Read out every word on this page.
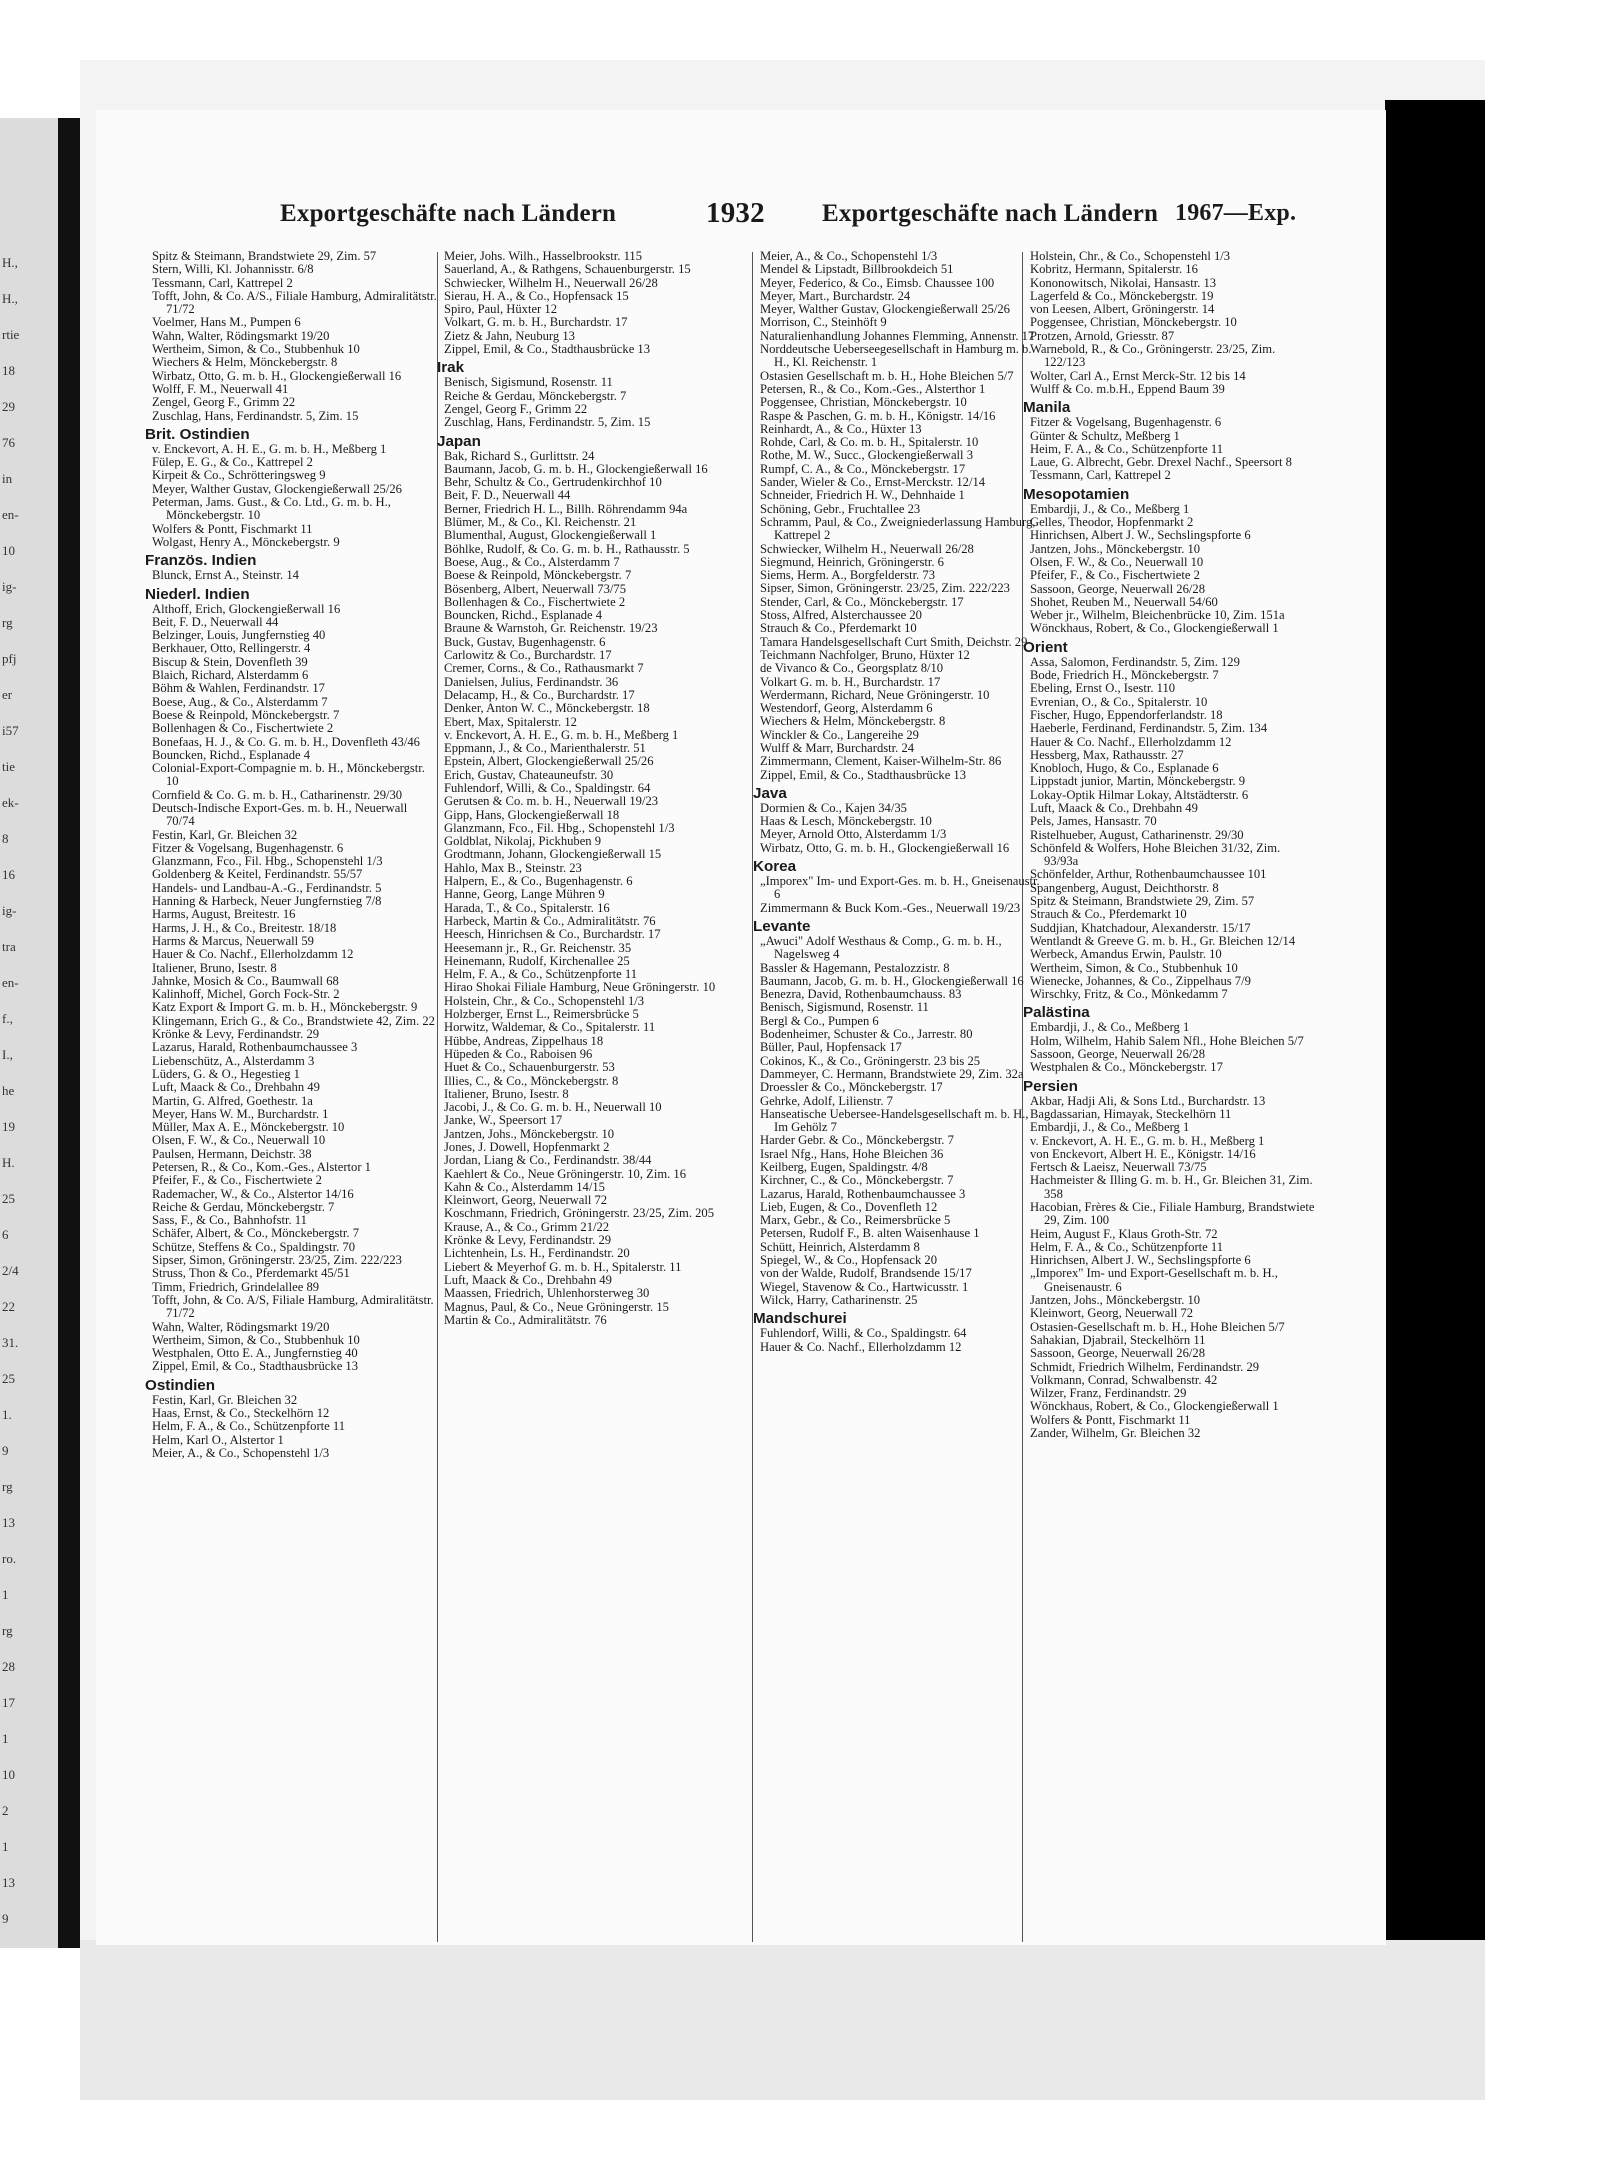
H.,
H.,
rtie
18
29
76
in
en-
10
ig-
rg
pfj
er
i57
tie
ek-
8
16
ig-
tra
en-
f.,
I.,
he
19
H.
25
6
2/4
22
31.
25
1.
9
rg
13
ro.
1
rg
28
17
1
10
2
1
13
9
Exportgeschäfte nach Ländern	1932 Exportgeschäfte nach Ländern 1967—Exp.

Spitz & Steimann, Brandstwiete 29, Zim. 57

Stern, Willi, Kl. Johannisstr. 6/8

Tessmann, Carl, Kattrepel 2

Tofft, John, & Co. A/S., Filiale Hamburg, Admiralitätstr. 71/72

Voelmer, Hans M., Pumpen 6

Wahn, Walter, Rödingsmarkt 19/20

Wertheim, Simon, & Co., Stubbenhuk 10

Wiechers & Helm, Mönckebergstr. 8

Wirbatz, Otto, G. m. b. H., Glockengießerwall 16

Wolff, F. M., Neuerwall 41

Zengel, Georg F., Grimm 22

Zuschlag, Hans, Ferdinandstr. 5, Zim. 15

Brit. Ostindien

v. Enckevort, A. H. E., G. m. b. H., Meßberg 1

Fülep, E. G., & Co., Kattrepel 2

Kirpeit & Co., Schrötteringsweg 9

Meyer, Walther Gustav, Glockengießerwall 25/26

Peterman, Jams. Gust., & Co. Ltd., G. m. b. H., Mönckebergstr. 10

Wolfers & Pontt, Fischmarkt 11

Wolgast, Henry A., Mönckebergstr. 9

Französ. Indien

Blunck, Ernst A., Steinstr. 14

Niederl. Indien

Althoff, Erich, Glockengießerwall 16

Beit, F. D., Neuerwall 44

Belzinger, Louis, Jungfernstieg 40

Berkhauer, Otto, Rellingerstr. 4

Biscup & Stein, Dovenfleth 39

Blaich, Richard, Alsterdamm 6

Böhm & Wahlen, Ferdinandstr. 17

Boese, Aug., & Co., Alsterdamm 7

Boese & Reinpold, Mönckebergstr. 7

Bollenhagen & Co., Fischertwiete 2

Bonefaas, H. J., & Co. G. m. b. H., Dovenfleth 43/46

Bouncken, Richd., Esplanade 4

Colonial-Export-Compagnie m. b. H., Mönckebergstr. 10

Cornfield & Co. G. m. b. H., Catharinenstr. 29/30

Deutsch-Indische Export-Ges. m. b. H., Neuerwall 70/74

Festin, Karl, Gr. Bleichen 32

Fitzer & Vogelsang, Bugenhagenstr. 6

Glanzmann, Fco., Fil. Hbg., Schopenstehl 1/3

Goldenberg & Keitel, Ferdinandstr. 55/57

Handels- und Landbau-A.-G., Ferdinandstr. 5

Hanning & Harbeck, Neuer Jungfernstieg 7/8

Harms, August, Breitestr. 16

Harms, J. H., & Co., Breitestr. 18/18

Harms & Marcus, Neuerwall 59

Hauer & Co. Nachf., Ellerholzdamm 12

Italiener, Bruno, Isestr. 8

Jahnke, Mosich & Co., Baumwall 68

Kalinhoff, Michel, Gorch Fock-Str. 2

Katz Export & Import G. m. b. H., Mönckebergstr. 9

Klingemann, Erich G., & Co., Brandstwiete 42, Zim. 22

Krönke & Levy, Ferdinandstr. 29

Lazarus, Harald, Rothenbaumchaussee 3

Liebenschütz, A., Alsterdamm 3

Lüders, G. & O., Hegestieg 1

Luft, Maack & Co., Drehbahn 49

Martin, G. Alfred, Goethestr. 1a

Meyer, Hans W. M., Burchardstr. 1

Müller, Max A. E., Mönckebergstr. 10

Olsen, F. W., & Co., Neuerwall 10

Paulsen, Hermann, Deichstr. 38

Petersen, R., & Co., Kom.-Ges., Alstertor 1

Pfeifer, F., & Co., Fischertwiete 2

Rademacher, W., & Co., Alstertor 14/16

Reiche & Gerdau, Mönckebergstr. 7

Sass, F., & Co., Bahnhofstr. 11

Schäfer, Albert, & Co., Mönckebergstr. 7

Schütze, Steffens & Co., Spaldingstr. 70

Sipser, Simon, Gröningerstr. 23/25, Zim. 222/223

Struss, Thon & Co., Pferdemarkt 45/51

Timm, Friedrich, Grindelallee 89

Tofft, John, & Co. A/S, Filiale Hamburg, Admiralitätstr. 71/72

Wahn, Walter, Rödingsmarkt 19/20

Wertheim, Simon, & Co., Stubbenhuk 10

Westphalen, Otto E. A., Jungfernstieg 40

Zippel, Emil, & Co., Stadthausbrücke 13

Ostindien

Festin, Karl, Gr. Bleichen 32

Haas, Ernst, & Co., Steckelhörn 12

Helm, F. A., & Co., Schützenpforte 11

Helm, Karl O., Alstertor 1

Meier, A., & Co., Schopenstehl 1/3

Meier, Johs. Wilh., Hasselbrookstr. 115

Sauerland, A., & Rathgens, Schauenburgerstr. 15

Schwiecker, Wilhelm H., Neuerwall 26/28

Sierau, H. A., & Co., Hopfensack 15

Spiro, Paul, Hüxter 12

Volkart, G. m. b. H., Burchardstr. 17

Zietz & Jahn, Neuburg 13

Zippel, Emil, & Co., Stadthausbrücke 13

Irak

Benisch, Sigismund, Rosenstr. 11

Reiche & Gerdau, Mönckebergstr. 7

Zengel, Georg F., Grimm 22

Zuschlag, Hans, Ferdinandstr. 5, Zim. 15

Japan

Bak, Richard S., Gurlittstr. 24

Baumann, Jacob, G. m. b. H., Glockengießerwall 16

Behr, Schultz & Co., Gertrudenkirchhof 10

Beit, F. D., Neuerwall 44

Berner, Friedrich H. L., Billh. Röhrendamm 94a

Blümer, M., & Co., Kl. Reichenstr. 21

Blumenthal, August, Glockengießerwall 1

Böhlke, Rudolf, & Co. G. m. b. H., Rathausstr. 5

Boese, Aug., & Co., Alsterdamm 7

Boese & Reinpold, Mönckebergstr. 7

Bösenberg, Albert, Neuerwall 73/75

Bollenhagen & Co., Fischertwiete 2

Bouncken, Richd., Esplanade 4

Braune & Warnstoh, Gr. Reichenstr. 19/23

Buck, Gustav, Bugenhagenstr. 6

Carlowitz & Co., Burchardstr. 17

Cremer, Corns., & Co., Rathausmarkt 7

Danielsen, Julius, Ferdinandstr. 36

Delacamp, H., & Co., Burchardstr. 17

Denker, Anton W. C., Mönckebergstr. 18

Ebert, Max, Spitalerstr. 12

v. Enckevort, A. H. E., G. m. b. H., Meßberg 1

Eppmann, J., & Co., Marienthalerstr. 51

Epstein, Albert, Glockengießerwall 25/26

Erich, Gustav, Chateauneufstr. 30

Fuhlendorf, Willi, & Co., Spaldingstr. 64

Gerutsen & Co. m. b. H., Neuerwall 19/23

Gipp, Hans, Glockengießerwall 18

Glanzmann, Fco., Fil. Hbg., Schopenstehl 1/3

Goldblat, Nikolaj, Pickhuben 9

Grodtmann, Johann, Glockengießerwall 15

Hahlo, Max B., Steinstr. 23

Halpern, E., & Co., Bugenhagenstr. 6

Hanne, Georg, Lange Mühren 9

Harada, T., & Co., Spitalerstr. 16

Harbeck, Martin & Co., Admiralitätstr. 76

Heesch, Hinrichsen & Co., Burchardstr. 17

Heesemann jr., R., Gr. Reichenstr. 35

Heinemann, Rudolf, Kirchenallee 25

Helm, F. A., & Co., Schützenpforte 11

Hirao Shokai Filiale Hamburg, Neue Gröningerstr. 10

Holstein, Chr., & Co., Schopenstehl 1/3

Holzberger, Ernst L., Reimersbrücke 5

Horwitz, Waldemar, & Co., Spitalerstr. 11

Hübbe, Andreas, Zippelhaus 18

Hüpeden & Co., Raboisen 96

Huet & Co., Schauenburgerstr. 53

Illies, C., & Co., Mönckebergstr. 8

Italiener, Bruno, Isestr. 8

Jacobi, J., & Co. G. m. b. H., Neuerwall 10

Janke, W., Speersort 17

Jantzen, Johs., Mönckebergstr. 10

Jones, J. Dowell, Hopfenmarkt 2

Jordan, Liang & Co., Ferdinandstr. 38/44

Kaehlert & Co., Neue Gröningerstr. 10, Zim. 16

Kahn & Co., Alsterdamm 14/15

Kleinwort, Georg, Neuerwall 72

Koschmann, Friedrich, Gröningerstr. 23/25, Zim. 205

Krause, A., & Co., Grimm 21/22

Krönke & Levy, Ferdinandstr. 29

Lichtenhein, Ls. H., Ferdinandstr. 20

Liebert & Meyerhof G. m. b. H., Spitalerstr. 11

Luft, Maack & Co., Drehbahn 49

Maassen, Friedrich, Uhlenhorsterweg 30

Magnus, Paul, & Co., Neue Gröningerstr. 15

Martin & Co., Admiralitätstr. 76

Meier, A., & Co., Schopenstehl 1/3

Mendel & Lipstadt, Billbrookdeich 51

Meyer, Federico, & Co., Eimsb. Chaussee 100

Meyer, Mart., Burchardstr. 24

Meyer, Walther Gustav, Glockengießerwall 25/26

Morrison, C., Steinhöft 9

Naturalienhandlung Johannes Flemming, Annenstr. 17

Norddeutsche Ueberseegesellschaft in Hamburg m. b. H., Kl. Reichenstr. 1

Ostasien Gesellschaft m. b. H., Hohe Bleichen 5/7

Petersen, R., & Co., Kom.-Ges., Alsterthor 1

Poggensee, Christian, Mönckebergstr. 10

Raspe & Paschen, G. m. b. H., Königstr. 14/16

Reinhardt, A., & Co., Hüxter 13

Rohde, Carl, & Co. m. b. H., Spitalerstr. 10

Rothe, M. W., Succ., Glockengießerwall 3

Rumpf, C. A., & Co., Mönckebergstr. 17

Sander, Wieler & Co., Ernst-Merckstr. 12/14

Schneider, Friedrich H. W., Dehnhaide 1

Schöning, Gebr., Fruchtallee 23

Schramm, Paul, & Co., Zweigniederlassung Hamburg, Kattrepel 2

Schwiecker, Wilhelm H., Neuerwall 26/28

Siegmund, Heinrich, Gröningerstr. 6

Siems, Herm. A., Borgfelderstr. 73

Sipser, Simon, Gröningerstr. 23/25, Zim. 222/223

Stender, Carl, & Co., Mönckebergstr. 17

Stoss, Alfred, Alsterchaussee 20

Strauch & Co., Pferdemarkt 10

Tamara Handelsgesellschaft Curt Smith, Deichstr. 29

Teichmann Nachfolger, Bruno, Hüxter 12

de Vivanco & Co., Georgsplatz 8/10

Volkart G. m. b. H., Burchardstr. 17

Werdermann, Richard, Neue Gröningerstr. 10

Westendorf, Georg, Alsterdamm 6

Wiechers & Helm, Mönckebergstr. 8

Winckler & Co., Langereihe 29

Wulff & Marr, Burchardstr. 24

Zimmermann, Clement, Kaiser-Wilhelm-Str. 86

Zippel, Emil, & Co., Stadthausbrücke 13

Java

Dormien & Co., Kajen 34/35

Haas & Lesch, Mönckebergstr. 10

Meyer, Arnold Otto, Alsterdamm 1/3

Wirbatz, Otto, G. m. b. H., Glockengießerwall 16

Korea

„Imporex" Im- und Export-Ges. m. b. H., Gneisenaustr. 6

Zimmermann & Buck Kom.-Ges., Neuerwall 19/23

Levante

„Awuci" Adolf Westhaus & Comp., G. m. b. H., Nagelsweg 4

Bassler & Hagemann, Pestalozzistr. 8

Baumann, Jacob, G. m. b. H., Glockengießerwall 16

Benezra, David, Rothenbaumchauss. 83

Benisch, Sigismund, Rosenstr. 11

Bergl & Co., Pumpen 6

Bodenheimer, Schuster & Co., Jarrestr. 80

Büller, Paul, Hopfensack 17

Cokinos, K., & Co., Gröningerstr. 23 bis 25

Dammeyer, C. Hermann, Brandstwiete 29, Zim. 32a

Droessler & Co., Mönckebergstr. 17

Gehrke, Adolf, Lilienstr. 7

Hanseatische Uebersee-Handelsgesellschaft m. b. H., Im Gehölz 7

Harder Gebr. & Co., Mönckebergstr. 7

Israel Nfg., Hans, Hohe Bleichen 36

Keilberg, Eugen, Spaldingstr. 4/8

Kirchner, C., & Co., Mönckebergstr. 7

Lazarus, Harald, Rothenbaumchaussee 3

Lieb, Eugen, & Co., Dovenfleth 12

Marx, Gebr., & Co., Reimersbrücke 5

Petersen, Rudolf F., B. alten Waisenhause 1

Schütt, Heinrich, Alsterdamm 8

Spiegel, W., & Co., Hopfensack 20

von der Walde, Rudolf, Brandsende 15/17

Wiegel, Stavenow & Co., Hartwicusstr. 1

Wilck, Harry, Catharinenstr. 25

Mandschurei

Fuhlendorf, Willi, & Co., Spaldingstr. 64

Hauer & Co. Nachf., Ellerholzdamm 12

Holstein, Chr., & Co., Schopenstehl 1/3

Kobritz, Hermann, Spitalerstr. 16

Kononowitsch, Nikolai, Hansastr. 13

Lagerfeld & Co., Mönckebergstr. 19

von Leesen, Albert, Gröningerstr. 14

Poggensee, Christian, Mönckebergstr. 10

Protzen, Arnold, Griesstr. 87

Warnebold, R., & Co., Gröningerstr. 23/25, Zim. 122/123

Wolter, Carl A., Ernst Merck-Str. 12 bis 14

Wulff & Co. m.b.H., Eppend Baum 39

Manila

Fitzer & Vogelsang, Bugenhagenstr. 6

Günter & Schultz, Meßberg 1

Heim, F. A., & Co., Schützenpforte 11

Laue, G. Albrecht, Gebr. Drexel Nachf., Speersort 8

Tessmann, Carl, Kattrepel 2

Mesopotamien

Embardji, J., & Co., Meßberg 1

Gelles, Theodor, Hopfenmarkt 2

Hinrichsen, Albert J. W., Sechslingspforte 6

Jantzen, Johs., Mönckebergstr. 10

Olsen, F. W., & Co., Neuerwall 10

Pfeifer, F., & Co., Fischertwiete 2

Sassoon, George, Neuerwall 26/28

Shohet, Reuben M., Neuerwall 54/60

Weber jr., Wilhelm, Bleichenbrücke 10, Zim. 151a

Wönckhaus, Robert, & Co., Glockengießerwall 1

Orient

Assa, Salomon, Ferdinandstr. 5, Zim. 129

Bode, Friedrich H., Mönckebergstr. 7

Ebeling, Ernst O., Isestr. 110

Evrenian, O., & Co., Spitalerstr. 10

Fischer, Hugo, Eppendorferlandstr. 18

Haeberle, Ferdinand, Ferdinandstr. 5, Zim. 134

Hauer & Co. Nachf., Ellerholzdamm 12

Hessberg, Max, Rathausstr. 27

Knobloch, Hugo, & Co., Esplanade 6

Lippstadt junior, Martin, Mönckebergstr. 9

Lokay-Optik Hilmar Lokay, Altstädterstr. 6

Luft, Maack & Co., Drehbahn 49

Pels, James, Hansastr. 70

Ristelhueber, August, Catharinenstr. 29/30

Schönfeld & Wolfers, Hohe Bleichen 31/32, Zim. 93/93a

Schönfelder, Arthur, Rothenbaumchaussee 101

Spangenberg, August, Deichthorstr. 8

Spitz & Steimann, Brandstwiete 29, Zim. 57

Strauch & Co., Pferdemarkt 10

Suddjian, Khatchadour, Alexanderstr. 15/17

Wentlandt & Greeve G. m. b. H., Gr. Bleichen 12/14

Werbeck, Amandus Erwin, Paulstr. 10

Wertheim, Simon, & Co., Stubbenhuk 10

Wienecke, Johannes, & Co., Zippelhaus 7/9

Wirschky, Fritz, & Co., Mönkedamm 7

Palästina

Embardji, J., & Co., Meßberg 1

Holm, Wilhelm, Hahib Salem Nfl., Hohe Bleichen 5/7

Sassoon, George, Neuerwall 26/28

Westphalen & Co., Mönckebergstr. 17

Persien

Akbar, Hadji Ali, & Sons Ltd., Burchardstr. 13

Bagdassarian, Himayak, Steckelhörn 11

Embardji, J., & Co., Meßberg 1

v. Enckevort, A. H. E., G. m. b. H., Meßberg 1

von Enckevort, Albert H. E., Königstr. 14/16

Fertsch & Laeisz, Neuerwall 73/75

Hachmeister & Illing G. m. b. H., Gr. Bleichen 31, Zim. 358

Hacobian, Frères & Cie., Filiale Hamburg, Brandstwiete 29, Zim. 100

Heim, August F., Klaus Groth-Str. 72

Helm, F. A., & Co., Schützenpforte 11

Hinrichsen, Albert J. W., Sechslingspforte 6

„Imporex" Im- und Export-Gesellschaft m. b. H., Gneisenaustr. 6

Jantzen, Johs., Mönckebergstr. 10

Kleinwort, Georg, Neuerwall 72

Ostasien-Gesellschaft m. b. H., Hohe Bleichen 5/7

Sahakian, Djabrail, Steckelhörn 11

Sassoon, George, Neuerwall 26/28

Schmidt, Friedrich Wilhelm, Ferdinandstr. 29

Volkmann, Conrad, Schwalbenstr. 42

Wilzer, Franz, Ferdinandstr. 29

Wönckhaus, Robert, & Co., Glockengießerwall 1

Wolfers & Pontt, Fischmarkt 11

Zander, Wilhelm, Gr. Bleichen 32
